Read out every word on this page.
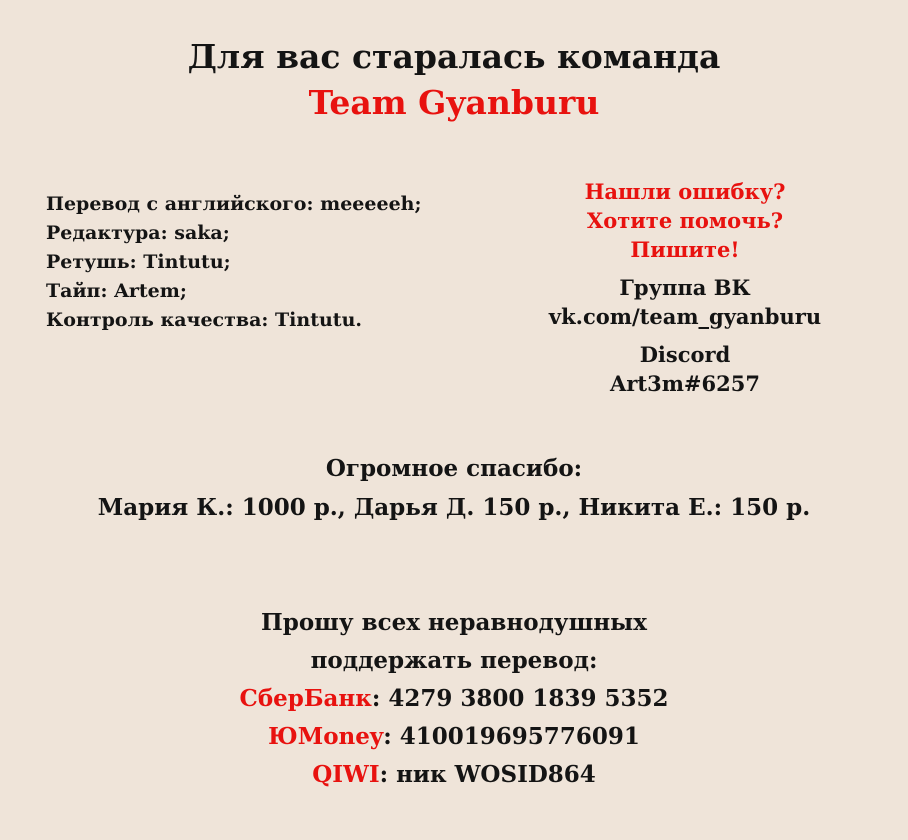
Для вас старалась команда
Team Gyanburu
Перевод с английского: meeeeeh;
Редактура: saka;
Ретушь: Tintutu;
Тайп: Artem;
Контроль качества: Tintutu.
Нашли ошибку?
Хотите помочь?
Пишите!
Группа ВК
vk.com/team_gyanburu
Discord
Art3m#6257
Огромное спасибо:
Мария К.: 1000 р., Дарья Д. 150 р., Никита Е.: 150 р.
Прошу всех неравнодушных
поддержать перевод:
СберБанк: 4279 3800 1839 5352
ЮMoney: 410019695776091
QIWI: ник WOSID864
